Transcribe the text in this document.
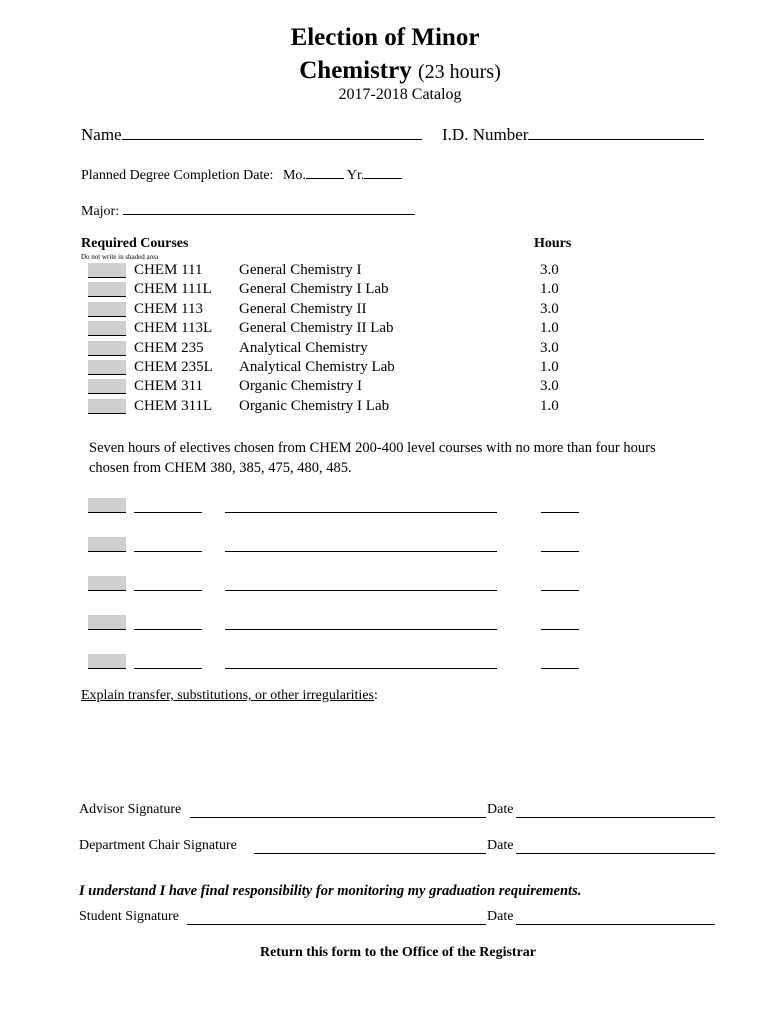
Election of Minor
Chemistry (23 hours)
2017-2018 Catalog
Name	I.D. Number
Planned Degree Completion Date: Mo.	Yr.
Major:
Required Courses	Hours
Do not write in shaded area
CHEM 111 General Chemistry I	3.0
CHEM 111L General Chemistry I Lab	1.0
CHEM 113 General Chemistry II	3.0
CHEM 113L General Chemistry II Lab	1.0
CHEM 235 Analytical Chemistry	3.0
CHEM 235L Analytical Chemistry Lab	1.0
CHEM 311 Organic Chemistry I	3.0
CHEM 311L Organic Chemistry I Lab	1.0
Seven hours of electives chosen from CHEM 200-400 level courses with no more than four hours chosen from CHEM 380, 385, 475, 480, 485.
Explain transfer, substitutions, or other irregularities:
Advisor Signature	Date
Department Chair Signature	Date
I understand I have final responsibility for monitoring my graduation requirements.
Student Signature	Date
Return this form to the Office of the Registrar
